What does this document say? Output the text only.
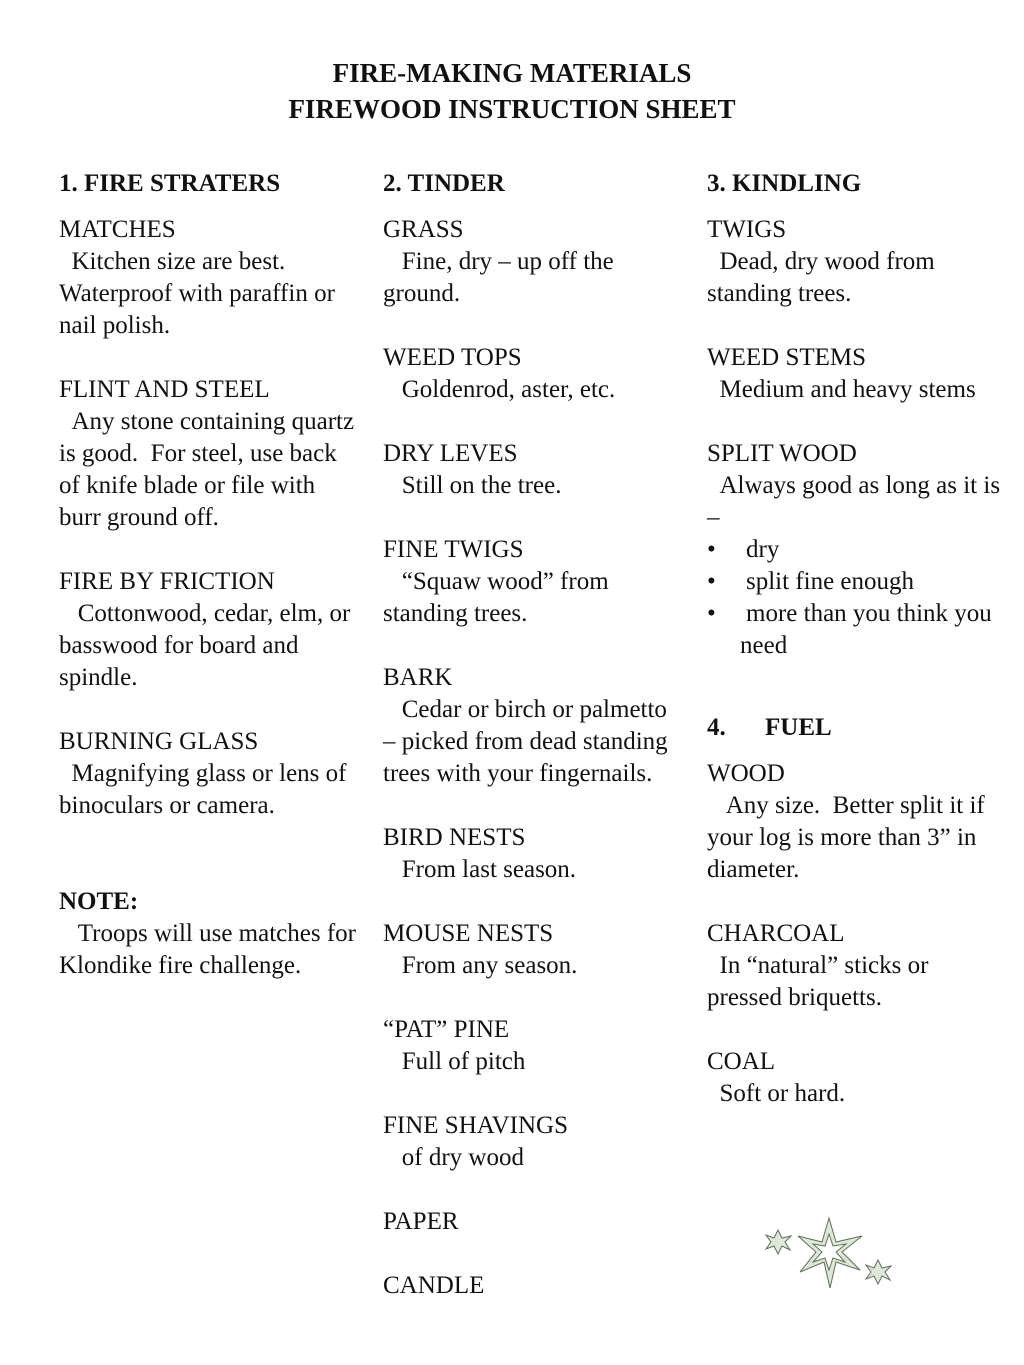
FIRE-MAKING MATERIALS
FIREWOOD INSTRUCTION SHEET
1. FIRE STRATERS
MATCHES
Kitchen size are best.  Waterproof with paraffin or nail polish.
FLINT AND STEEL
Any stone containing quartz is good.  For steel, use back of knife blade or file with burr ground off.
FIRE BY FRICTION
Cottonwood, cedar, elm, or basswood for board and spindle.
BURNING GLASS
Magnifying glass or lens of binoculars or camera.
NOTE:
Troops will use matches for Klondike fire challenge.
2. TINDER
GRASS
Fine, dry – up off the ground.
WEED TOPS
Goldenrod, aster, etc.
DRY LEVES
Still on the tree.
FINE TWIGS
“Squaw wood” from standing trees.
BARK
Cedar or birch or palmetto – picked from dead standing trees with your fingernails.
BIRD NESTS
From last season.
MOUSE NESTS
From any season.
“PAT” PINE
Full of pitch
FINE SHAVINGS
of dry wood
PAPER
CANDLE
3. KINDLING
TWIGS
Dead, dry wood from standing trees.
WEED STEMS
Medium and heavy stems
SPLIT WOOD
Always good as long as it is –
• dry
• split fine enough
• more than you think you need
4. FUEL
WOOD
Any size.  Better split it if your log is more than 3” in diameter.
CHARCOAL
In “natural” sticks or pressed briquetts.
COAL
Soft or hard.
